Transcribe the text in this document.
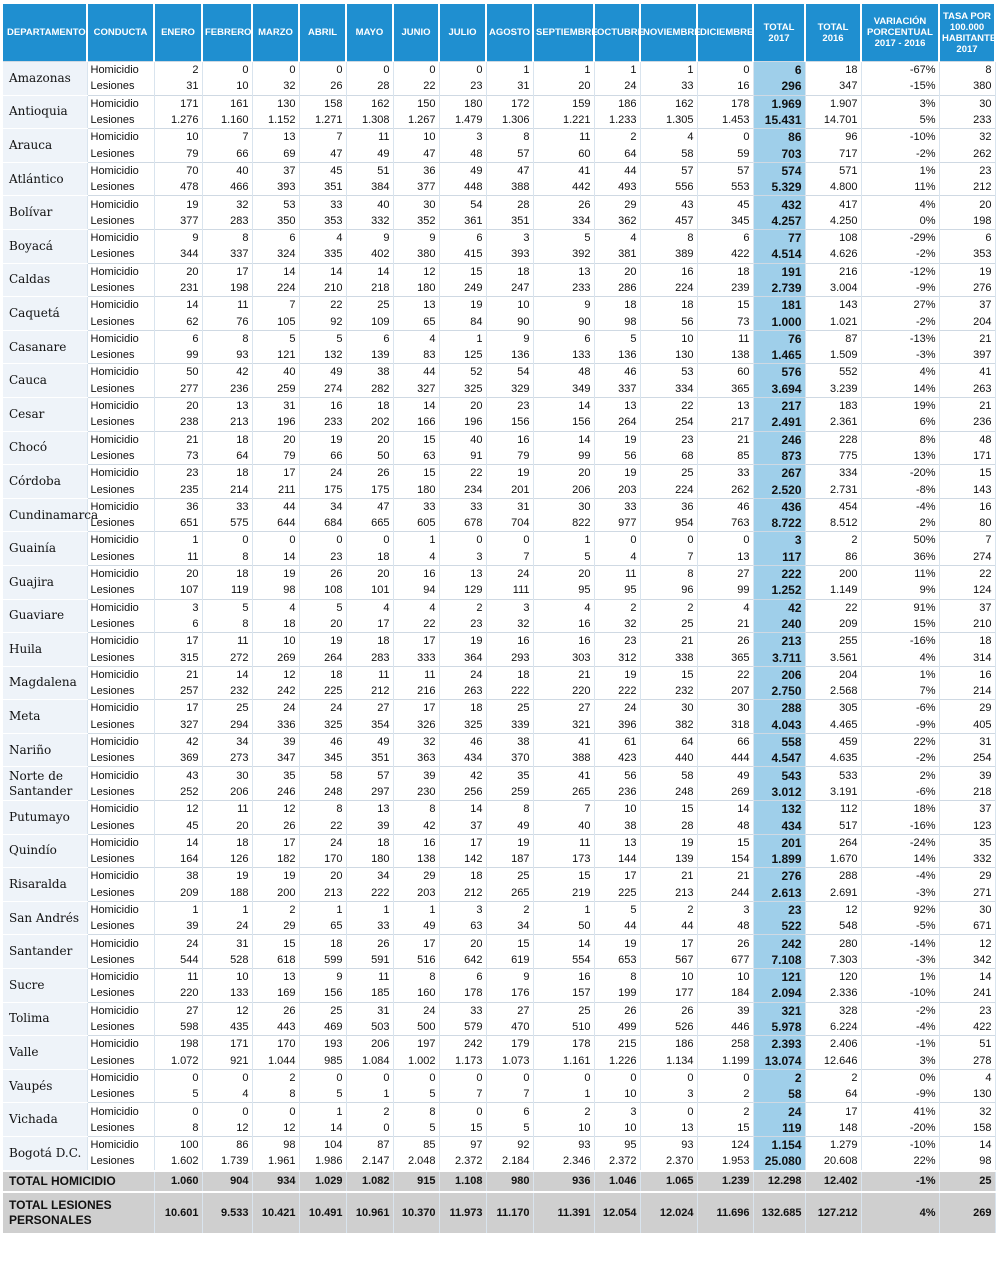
DEPARTAMENTO	CONDUCTA	ENERO	FEBRERO	MARZO	ABRIL	MAYO	JUNIO	JULIO	AGOSTO	SEPTIEMBRE	OCTUBRE	NOVIEMBRE	DICIEMBRE	TOTAL 2017	TOTAL 2016	VARIACIÓN PORCENTUAL 2017 - 2016	TASA POR 100.000 HABITANTES 2017
Amazonas	Homicidio	2	0	0	0	0	0	0	1	1	1	1	0	6	18	-67%	8
	Lesiones	31	10	32	26	28	22	23	31	20	24	33	16	296	347	-15%	380
Antioquia	Homicidio	171	161	130	158	162	150	180	172	159	186	162	178	1.969	1.907	3%	30
	Lesiones	1.276	1.160	1.152	1.271	1.308	1.267	1.479	1.306	1.221	1.233	1.305	1.453	15.431	14.701	5%	233
Arauca	Homicidio	10	7	13	7	11	10	3	8	11	2	4	0	86	96	-10%	32
	Lesiones	79	66	69	47	49	47	48	57	60	64	58	59	703	717	-2%	262
Atlántico	Homicidio	70	40	37	45	51	36	49	47	41	44	57	57	574	571	1%	23
	Lesiones	478	466	393	351	384	377	448	388	442	493	556	553	5.329	4.800	11%	212
Bolívar	Homicidio	19	32	53	33	40	30	54	28	26	29	43	45	432	417	4%	20
	Lesiones	377	283	350	353	332	352	361	351	334	362	457	345	4.257	4.250	0%	198
Boyacá	Homicidio	9	8	6	4	9	9	6	3	5	4	8	6	77	108	-29%	6
	Lesiones	344	337	324	335	402	380	415	393	392	381	389	422	4.514	4.626	-2%	353
Caldas	Homicidio	20	17	14	14	14	12	15	18	13	20	16	18	191	216	-12%	19
	Lesiones	231	198	224	210	218	180	249	247	233	286	224	239	2.739	3.004	-9%	276
Caquetá	Homicidio	14	11	7	22	25	13	19	10	9	18	18	15	181	143	27%	37
	Lesiones	62	76	105	92	109	65	84	90	90	98	56	73	1.000	1.021	-2%	204
Casanare	Homicidio	6	8	5	5	6	4	1	9	6	5	10	11	76	87	-13%	21
	Lesiones	99	93	121	132	139	83	125	136	133	136	130	138	1.465	1.509	-3%	397
Cauca	Homicidio	50	42	40	49	38	44	52	54	48	46	53	60	576	552	4%	41
	Lesiones	277	236	259	274	282	327	325	329	349	337	334	365	3.694	3.239	14%	263
Cesar	Homicidio	20	13	31	16	18	14	20	23	14	13	22	13	217	183	19%	21
	Lesiones	238	213	196	233	202	166	196	156	156	264	254	217	2.491	2.361	6%	236
Chocó	Homicidio	21	18	20	19	20	15	40	16	14	19	23	21	246	228	8%	48
	Lesiones	73	64	79	66	50	63	91	79	99	56	68	85	873	775	13%	171
Córdoba	Homicidio	23	18	17	24	26	15	22	19	20	19	25	33	267	334	-20%	15
	Lesiones	235	214	211	175	175	180	234	201	206	203	224	262	2.520	2.731	-8%	143
Cundinamarca	Homicidio	36	33	44	34	47	33	33	31	30	33	36	46	436	454	-4%	16
	Lesiones	651	575	644	684	665	605	678	704	822	977	954	763	8.722	8.512	2%	80
Guainía	Homicidio	1	0	0	0	0	1	0	0	1	0	0	0	3	2	50%	7
	Lesiones	11	8	14	23	18	4	3	7	5	4	7	13	117	86	36%	274
Guajira	Homicidio	20	18	19	26	20	16	13	24	20	11	8	27	222	200	11%	22
	Lesiones	107	119	98	108	101	94	129	111	95	95	96	99	1.252	1.149	9%	124
Guaviare	Homicidio	3	5	4	5	4	4	2	3	4	2	2	4	42	22	91%	37
	Lesiones	6	8	18	20	17	22	23	32	16	32	25	21	240	209	15%	210
Huila	Homicidio	17	11	10	19	18	17	19	16	16	23	21	26	213	255	-16%	18
	Lesiones	315	272	269	264	283	333	364	293	303	312	338	365	3.711	3.561	4%	314
Magdalena	Homicidio	21	14	12	18	11	11	24	18	21	19	15	22	206	204	1%	16
	Lesiones	257	232	242	225	212	216	263	222	220	222	232	207	2.750	2.568	7%	214
Meta	Homicidio	17	25	24	24	27	17	18	25	27	24	30	30	288	305	-6%	29
	Lesiones	327	294	336	325	354	326	325	339	321	396	382	318	4.043	4.465	-9%	405
Nariño	Homicidio	42	34	39	46	49	32	46	38	41	61	64	66	558	459	22%	31
	Lesiones	369	273	347	345	351	363	434	370	388	423	440	444	4.547	4.635	-2%	254
Norte de Santander	Homicidio	43	30	35	58	57	39	42	35	41	56	58	49	543	533	2%	39
	Lesiones	252	206	246	248	297	230	256	259	265	236	248	269	3.012	3.191	-6%	218
Putumayo	Homicidio	12	11	12	8	13	8	14	8	7	10	15	14	132	112	18%	37
	Lesiones	45	20	26	22	39	42	37	49	40	38	28	48	434	517	-16%	123
Quindío	Homicidio	14	18	17	24	18	16	17	19	11	13	19	15	201	264	-24%	35
	Lesiones	164	126	182	170	180	138	142	187	173	144	139	154	1.899	1.670	14%	332
Risaralda	Homicidio	38	19	19	20	34	29	18	25	15	17	21	21	276	288	-4%	29
	Lesiones	209	188	200	213	222	203	212	265	219	225	213	244	2.613	2.691	-3%	271
San Andrés	Homicidio	1	1	2	1	1	1	3	2	1	5	2	3	23	12	92%	30
	Lesiones	39	24	29	65	33	49	63	34	50	44	44	48	522	548	-5%	671
Santander	Homicidio	24	31	15	18	26	17	20	15	14	19	17	26	242	280	-14%	12
	Lesiones	544	528	618	599	591	516	642	619	554	653	567	677	7.108	7.303	-3%	342
Sucre	Homicidio	11	10	13	9	11	8	6	9	16	8	10	10	121	120	1%	14
	Lesiones	220	133	169	156	185	160	178	176	157	199	177	184	2.094	2.336	-10%	241
Tolima	Homicidio	27	12	26	25	31	24	33	27	25	26	26	39	321	328	-2%	23
	Lesiones	598	435	443	469	503	500	579	470	510	499	526	446	5.978	6.224	-4%	422
Valle	Homicidio	198	171	170	193	206	197	242	179	178	215	186	258	2.393	2.406	-1%	51
	Lesiones	1.072	921	1.044	985	1.084	1.002	1.173	1.073	1.161	1.226	1.134	1.199	13.074	12.646	3%	278
Vaupés	Homicidio	0	0	2	0	0	0	0	0	0	0	0	0	2	2	0%	4
	Lesiones	5	4	8	5	1	5	7	7	1	10	3	2	58	64	-9%	130
Vichada	Homicidio	0	0	0	1	2	8	0	6	2	3	0	2	24	17	41%	32
	Lesiones	8	12	12	14	0	5	15	5	10	10	13	15	119	148	-20%	158
Bogotá D.C.	Homicidio	100	86	98	104	87	85	97	92	93	95	93	124	1.154	1.279	-10%	14
	Lesiones	1.602	1.739	1.961	1.986	2.147	2.048	2.372	2.184	2.346	2.372	2.370	1.953	25.080	20.608	22%	98
TOTAL HOMICIDIO		1.060	904	934	1.029	1.082	915	1.108	980	936	1.046	1.065	1.239	12.298	12.402	-1%	25
TOTAL LESIONES PERSONALES		10.601	9.533	10.421	10.491	10.961	10.370	11.973	11.170	11.391	12.054	12.024	11.696	132.685	127.212	4%	269
